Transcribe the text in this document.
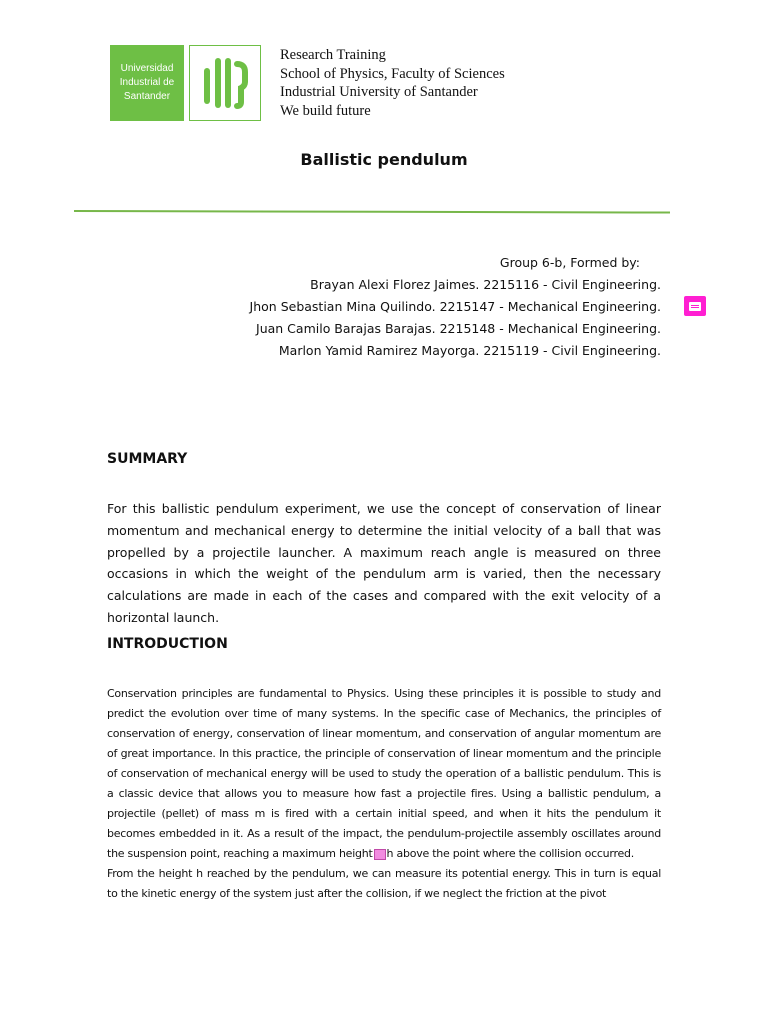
Universidad
Industrial de
Santander
Research Training
School of Physics, Faculty of Sciences
Industrial University of Santander
We build future
Ballistic pendulum
Group 6-b, Formed by:
Brayan Alexi Florez Jaimes. 2215116 - Civil Engineering.
Jhon Sebastian Mina Quilindo. 2215147 - Mechanical Engineering.
Juan Camilo Barajas Barajas. 2215148 - Mechanical Engineering.
Marlon Yamid Ramirez Mayorga. 2215119 - Civil Engineering.
SUMMARY
For this ballistic pendulum experiment, we use the concept of conservation of linear momentum and mechanical energy to determine the initial velocity of a ball that was propelled by a projectile launcher. A maximum reach angle is measured on three occasions in which the weight of the pendulum arm is varied, then the necessary calculations are made in each of the cases and compared with the exit velocity of a horizontal launch.
INTRODUCTION

Conservation principles are fundamental to Physics. Using these principles it is possible to study and predict the evolution over time of many systems. In the specific case of Mechanics, the principles of conservation of energy, conservation of linear momentum, and conservation of angular momentum are of great importance. In this practice, the principle of conservation of linear momentum and the principle of conservation of mechanical energy will be used to study the operation of a ballistic pendulum. This is a classic device that allows you to measure how fast a projectile fires. Using a ballistic pendulum, a projectile (pellet) of mass m is fired with a certain initial speed, and when it hits the pendulum it becomes embedded in it. As a result of the impact, the pendulum-projectile assembly oscillates around the suspension point, reaching a maximum height h above the point where the collision occurred.

From the height h reached by the pendulum, we can measure its potential energy. This in turn is equal to the kinetic energy of the system just after the collision, if we neglect the friction at the pivot
